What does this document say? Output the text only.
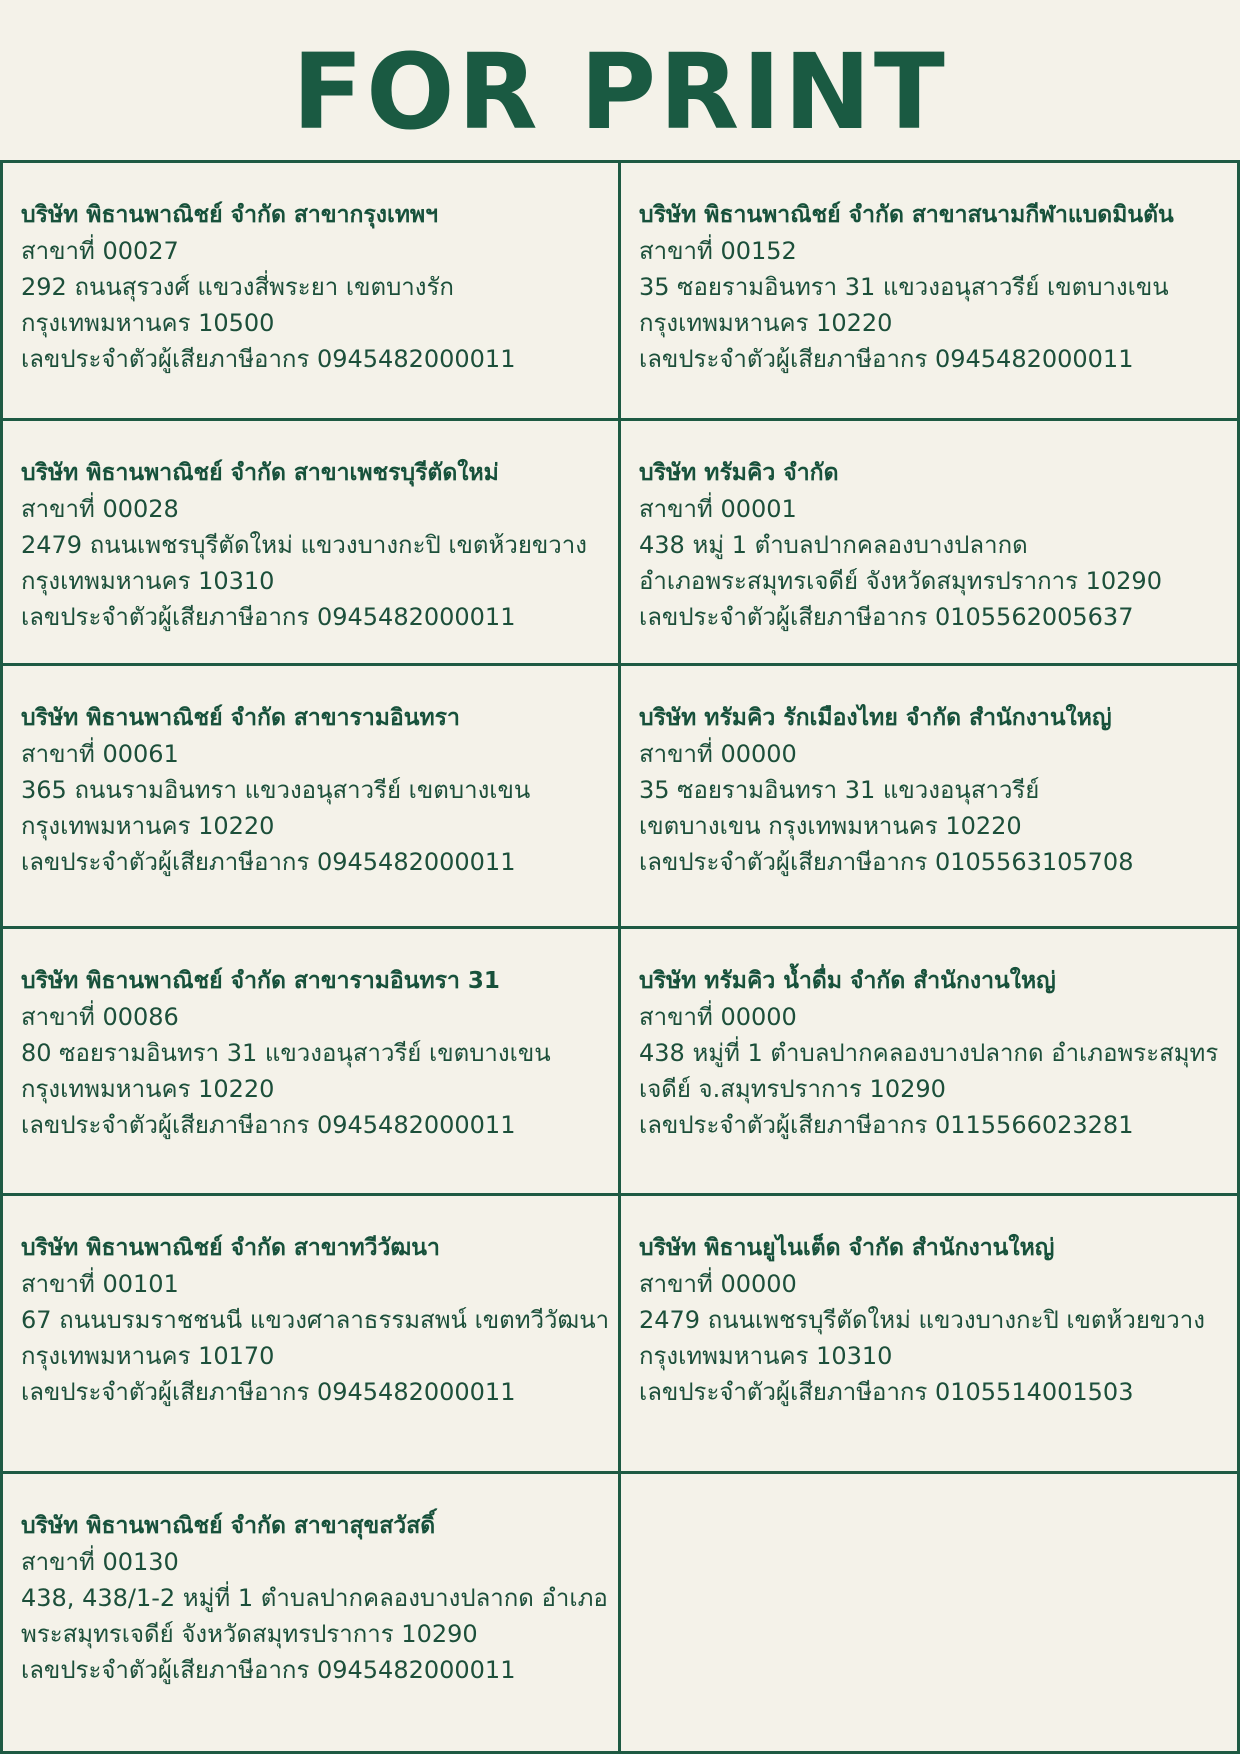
FOR PRINT
บริษัท พิธานพาณิชย์ จำกัด สาขากรุงเทพฯ
สาขาที่ 00027
292 ถนนสุรวงศ์ แขวงสี่พระยา เขตบางรัก
กรุงเทพมหานคร 10500
เลขประจำตัวผู้เสียภาษีอากร 0945482000011
บริษัท พิธานพาณิชย์ จำกัด สาขาสนามกีฬาแบดมินตัน
สาขาที่ 00152
35 ซอยรามอินทรา 31 แขวงอนุสาวรีย์ เขตบางเขน
กรุงเทพมหานคร 10220
เลขประจำตัวผู้เสียภาษีอากร 0945482000011
บริษัท พิธานพาณิชย์ จำกัด สาขาเพชรบุรีตัดใหม่
สาขาที่ 00028
2479 ถนนเพชรบุรีตัดใหม่ แขวงบางกะปิ เขตห้วยขวาง
กรุงเทพมหานคร 10310
เลขประจำตัวผู้เสียภาษีอากร 0945482000011
บริษัท ทรัมคิว จำกัด
สาขาที่ 00001
438 หมู่ 1 ตำบลปากคลองบางปลากด
อำเภอพระสมุทรเจดีย์ จังหวัดสมุทรปราการ 10290
เลขประจำตัวผู้เสียภาษีอากร 0105562005637
บริษัท พิธานพาณิชย์ จำกัด สาขารามอินทรา
สาขาที่ 00061
365 ถนนรามอินทรา แขวงอนุสาวรีย์ เขตบางเขน
กรุงเทพมหานคร 10220
เลขประจำตัวผู้เสียภาษีอากร 0945482000011
บริษัท ทรัมคิว รักเมืองไทย จำกัด สำนักงานใหญ่
สาขาที่ 00000
35 ซอยรามอินทรา 31 แขวงอนุสาวรีย์
เขตบางเขน กรุงเทพมหานคร 10220
เลขประจำตัวผู้เสียภาษีอากร 0105563105708
บริษัท พิธานพาณิชย์ จำกัด สาขารามอินทรา 31
สาขาที่ 00086
80 ซอยรามอินทรา 31 แขวงอนุสาวรีย์ เขตบางเขน
กรุงเทพมหานคร 10220
เลขประจำตัวผู้เสียภาษีอากร 0945482000011
บริษัท ทรัมคิว น้ำดื่ม จำกัด สำนักงานใหญ่
สาขาที่ 00000
438 หมู่ที่ 1 ตำบลปากคลองบางปลากด อำเภอพระสมุทร
เจดีย์ จ.สมุทรปราการ 10290
เลขประจำตัวผู้เสียภาษีอากร 0115566023281
บริษัท พิธานพาณิชย์ จำกัด สาขาทวีวัฒนา
สาขาที่ 00101
67 ถนนบรมราชชนนี แขวงศาลาธรรมสพน์ เขตทวีวัฒนา
กรุงเทพมหานคร 10170
เลขประจำตัวผู้เสียภาษีอากร 0945482000011
บริษัท พิธานยูไนเต็ด จำกัด สำนักงานใหญ่
สาขาที่ 00000
2479 ถนนเพชรบุรีตัดใหม่ แขวงบางกะปิ เขตห้วยขวาง
กรุงเทพมหานคร 10310
เลขประจำตัวผู้เสียภาษีอากร 0105514001503
บริษัท พิธานพาณิชย์ จำกัด สาขาสุขสวัสดิ์
สาขาที่ 00130
438, 438/1-2 หมู่ที่ 1 ตำบลปากคลองบางปลากด อำเภอ
พระสมุทรเจดีย์ จังหวัดสมุทรปราการ 10290
เลขประจำตัวผู้เสียภาษีอากร 0945482000011
